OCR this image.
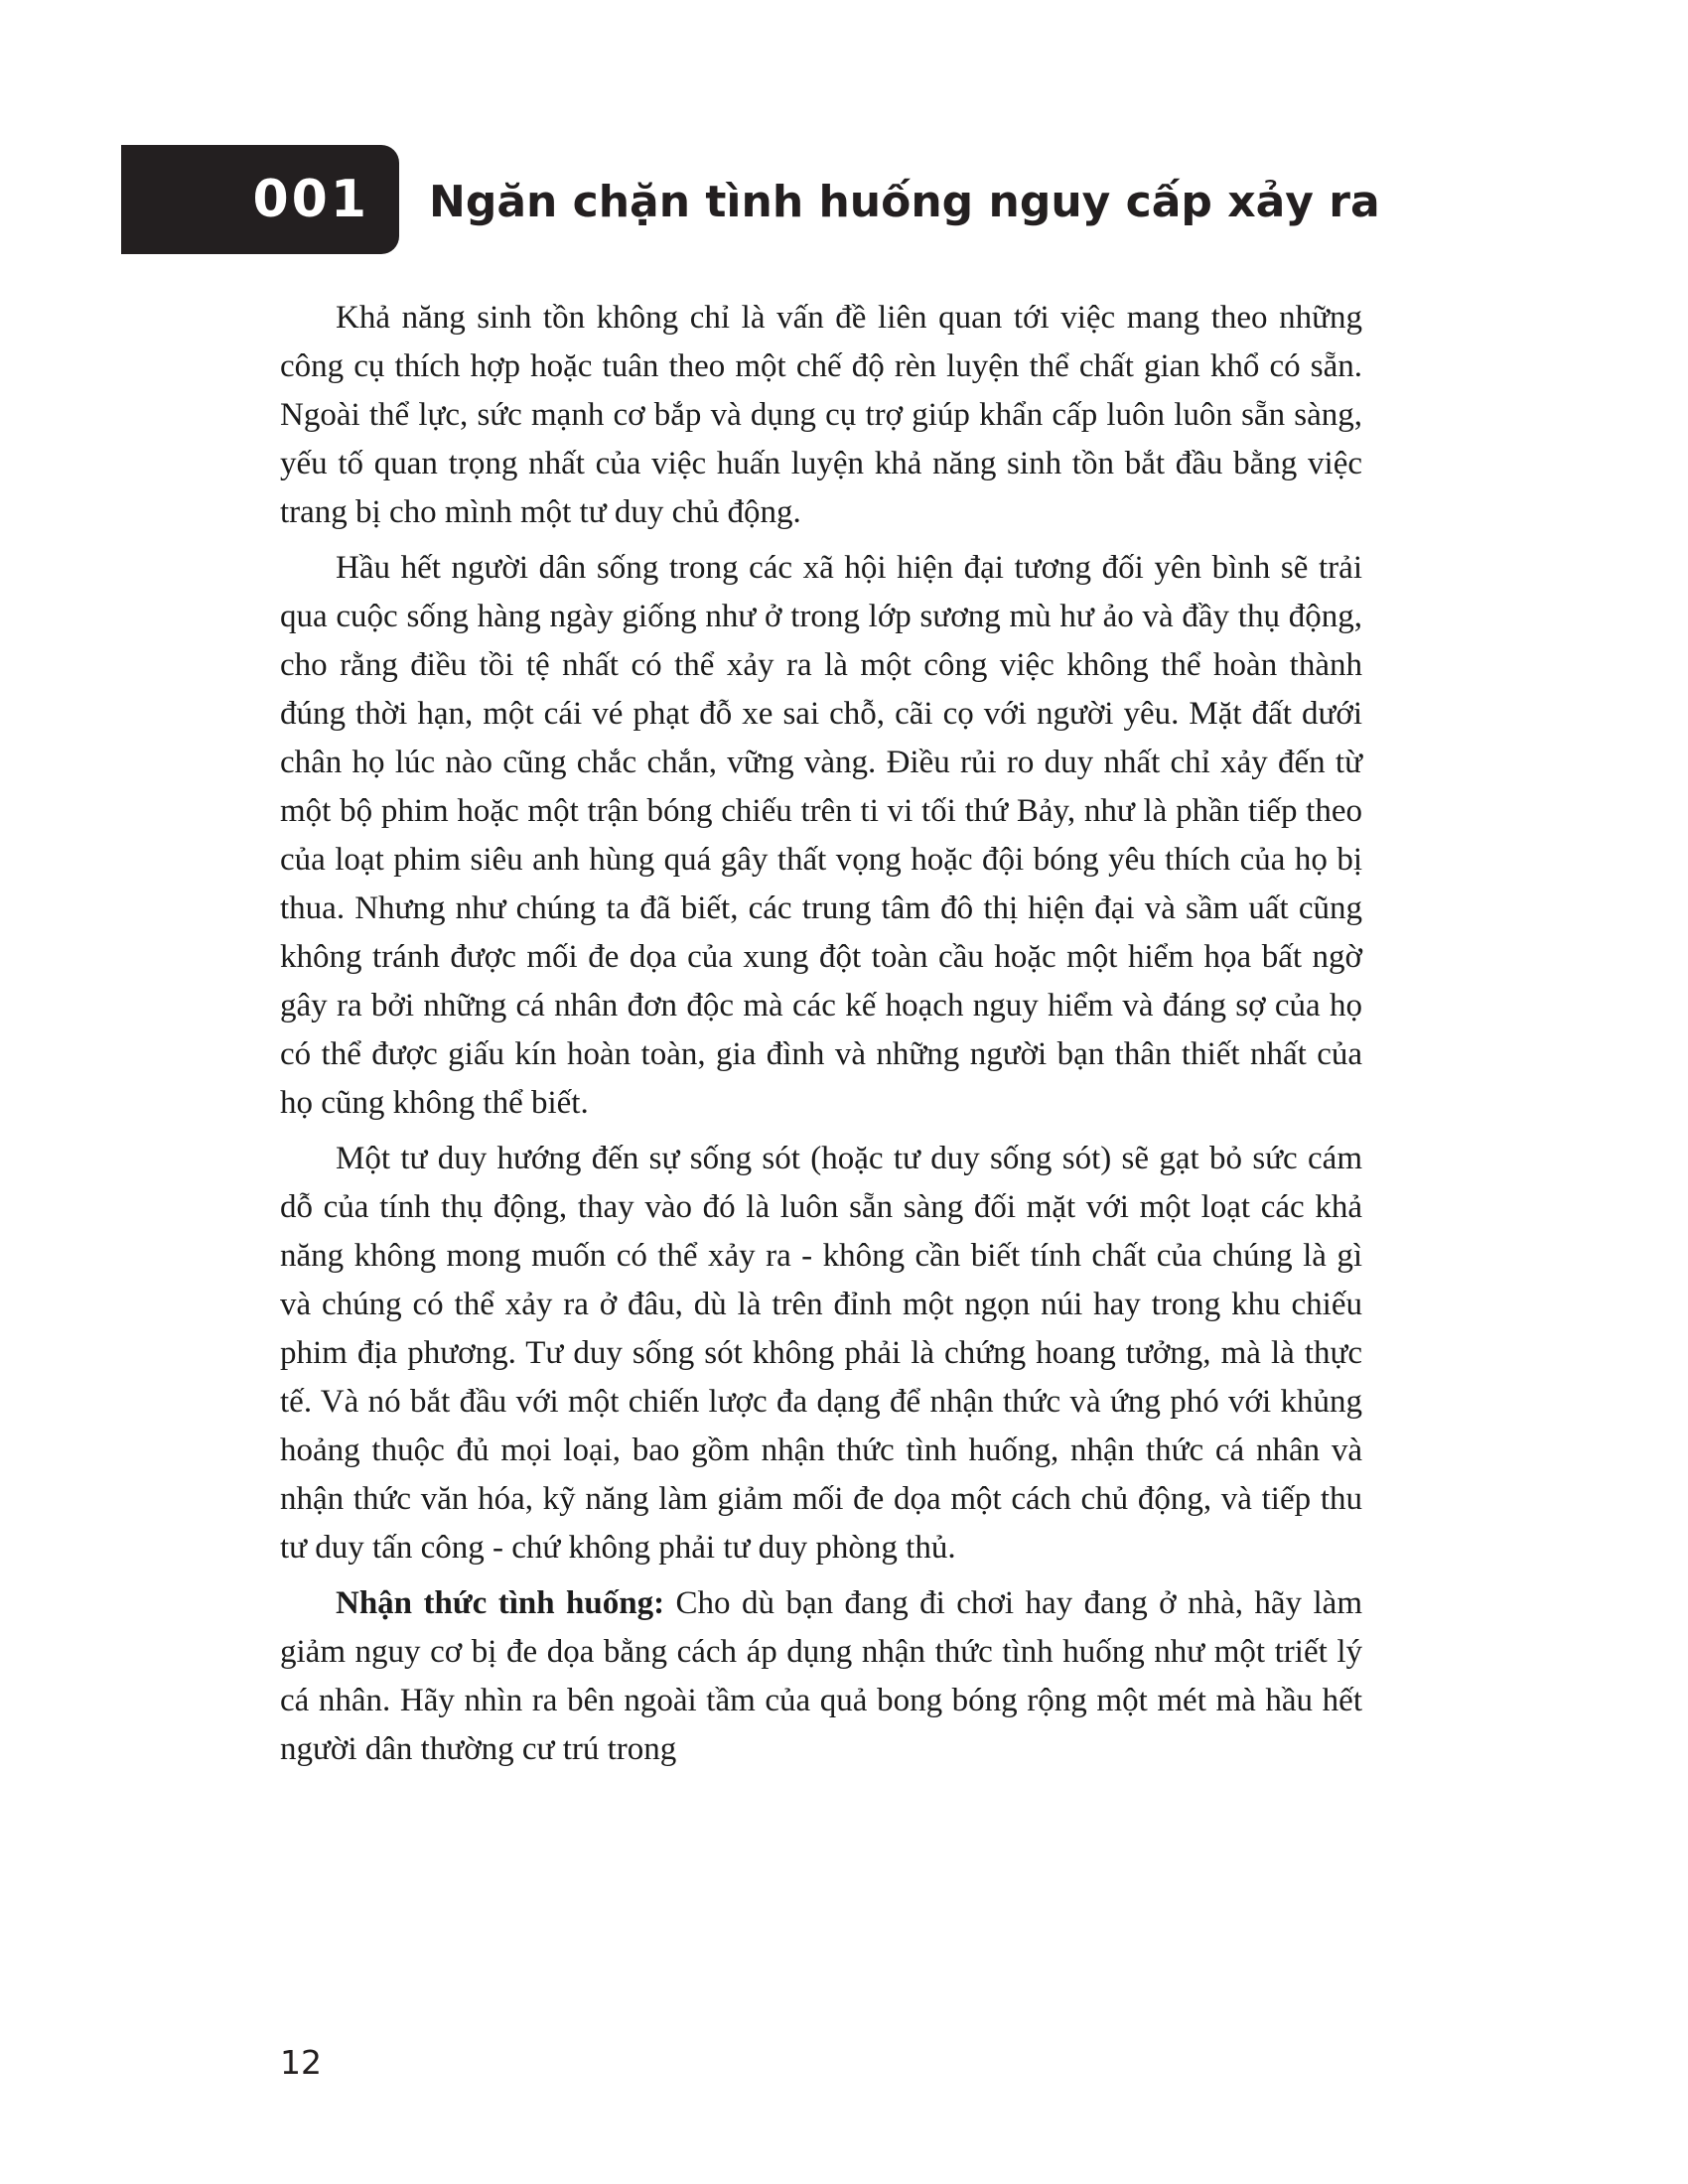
001 Ngăn chặn tình huống nguy cấp xảy ra

Khả năng sinh tồn không chỉ là vấn đề liên quan tới việc mang theo những công cụ thích hợp hoặc tuân theo một chế độ rèn luyện thể chất gian khổ có sẵn. Ngoài thể lực, sức mạnh cơ bắp và dụng cụ trợ giúp khẩn cấp luôn luôn sẵn sàng, yếu tố quan trọng nhất của việc huấn luyện khả năng sinh tồn bắt đầu bằng việc trang bị cho mình một tư duy chủ động.

Hầu hết người dân sống trong các xã hội hiện đại tương đối yên bình sẽ trải qua cuộc sống hàng ngày giống như ở trong lớp sương mù hư ảo và đầy thụ động, cho rằng điều tồi tệ nhất có thể xảy ra là một công việc không thể hoàn thành đúng thời hạn, một cái vé phạt đỗ xe sai chỗ, cãi cọ với người yêu. Mặt đất dưới chân họ lúc nào cũng chắc chắn, vững vàng. Điều rủi ro duy nhất chỉ xảy đến từ một bộ phim hoặc một trận bóng chiếu trên ti vi tối thứ Bảy, như là phần tiếp theo của loạt phim siêu anh hùng quá gây thất vọng hoặc đội bóng yêu thích của họ bị thua. Nhưng như chúng ta đã biết, các trung tâm đô thị hiện đại và sầm uất cũng không tránh được mối đe dọa của xung đột toàn cầu hoặc một hiểm họa bất ngờ gây ra bởi những cá nhân đơn độc mà các kế hoạch nguy hiểm và đáng sợ của họ có thể được giấu kín hoàn toàn, gia đình và những người bạn thân thiết nhất của họ cũng không thể biết.

Một tư duy hướng đến sự sống sót (hoặc tư duy sống sót) sẽ gạt bỏ sức cám dỗ của tính thụ động, thay vào đó là luôn sẵn sàng đối mặt với một loạt các khả năng không mong muốn có thể xảy ra - không cần biết tính chất của chúng là gì và chúng có thể xảy ra ở đâu, dù là trên đỉnh một ngọn núi hay trong khu chiếu phim địa phương. Tư duy sống sót không phải là chứng hoang tưởng, mà là thực tế. Và nó bắt đầu với một chiến lược đa dạng để nhận thức và ứng phó với khủng hoảng thuộc đủ mọi loại, bao gồm nhận thức tình huống, nhận thức cá nhân và nhận thức văn hóa, kỹ năng làm giảm mối đe dọa một cách chủ động, và tiếp thu tư duy tấn công - chứ không phải tư duy phòng thủ.

Nhận thức tình huống: Cho dù bạn đang đi chơi hay đang ở nhà, hãy làm giảm nguy cơ bị đe dọa bằng cách áp dụng nhận thức tình huống như một triết lý cá nhân. Hãy nhìn ra bên ngoài tầm của quả bong bóng rộng một mét mà hầu hết người dân thường cư trú trong

12
